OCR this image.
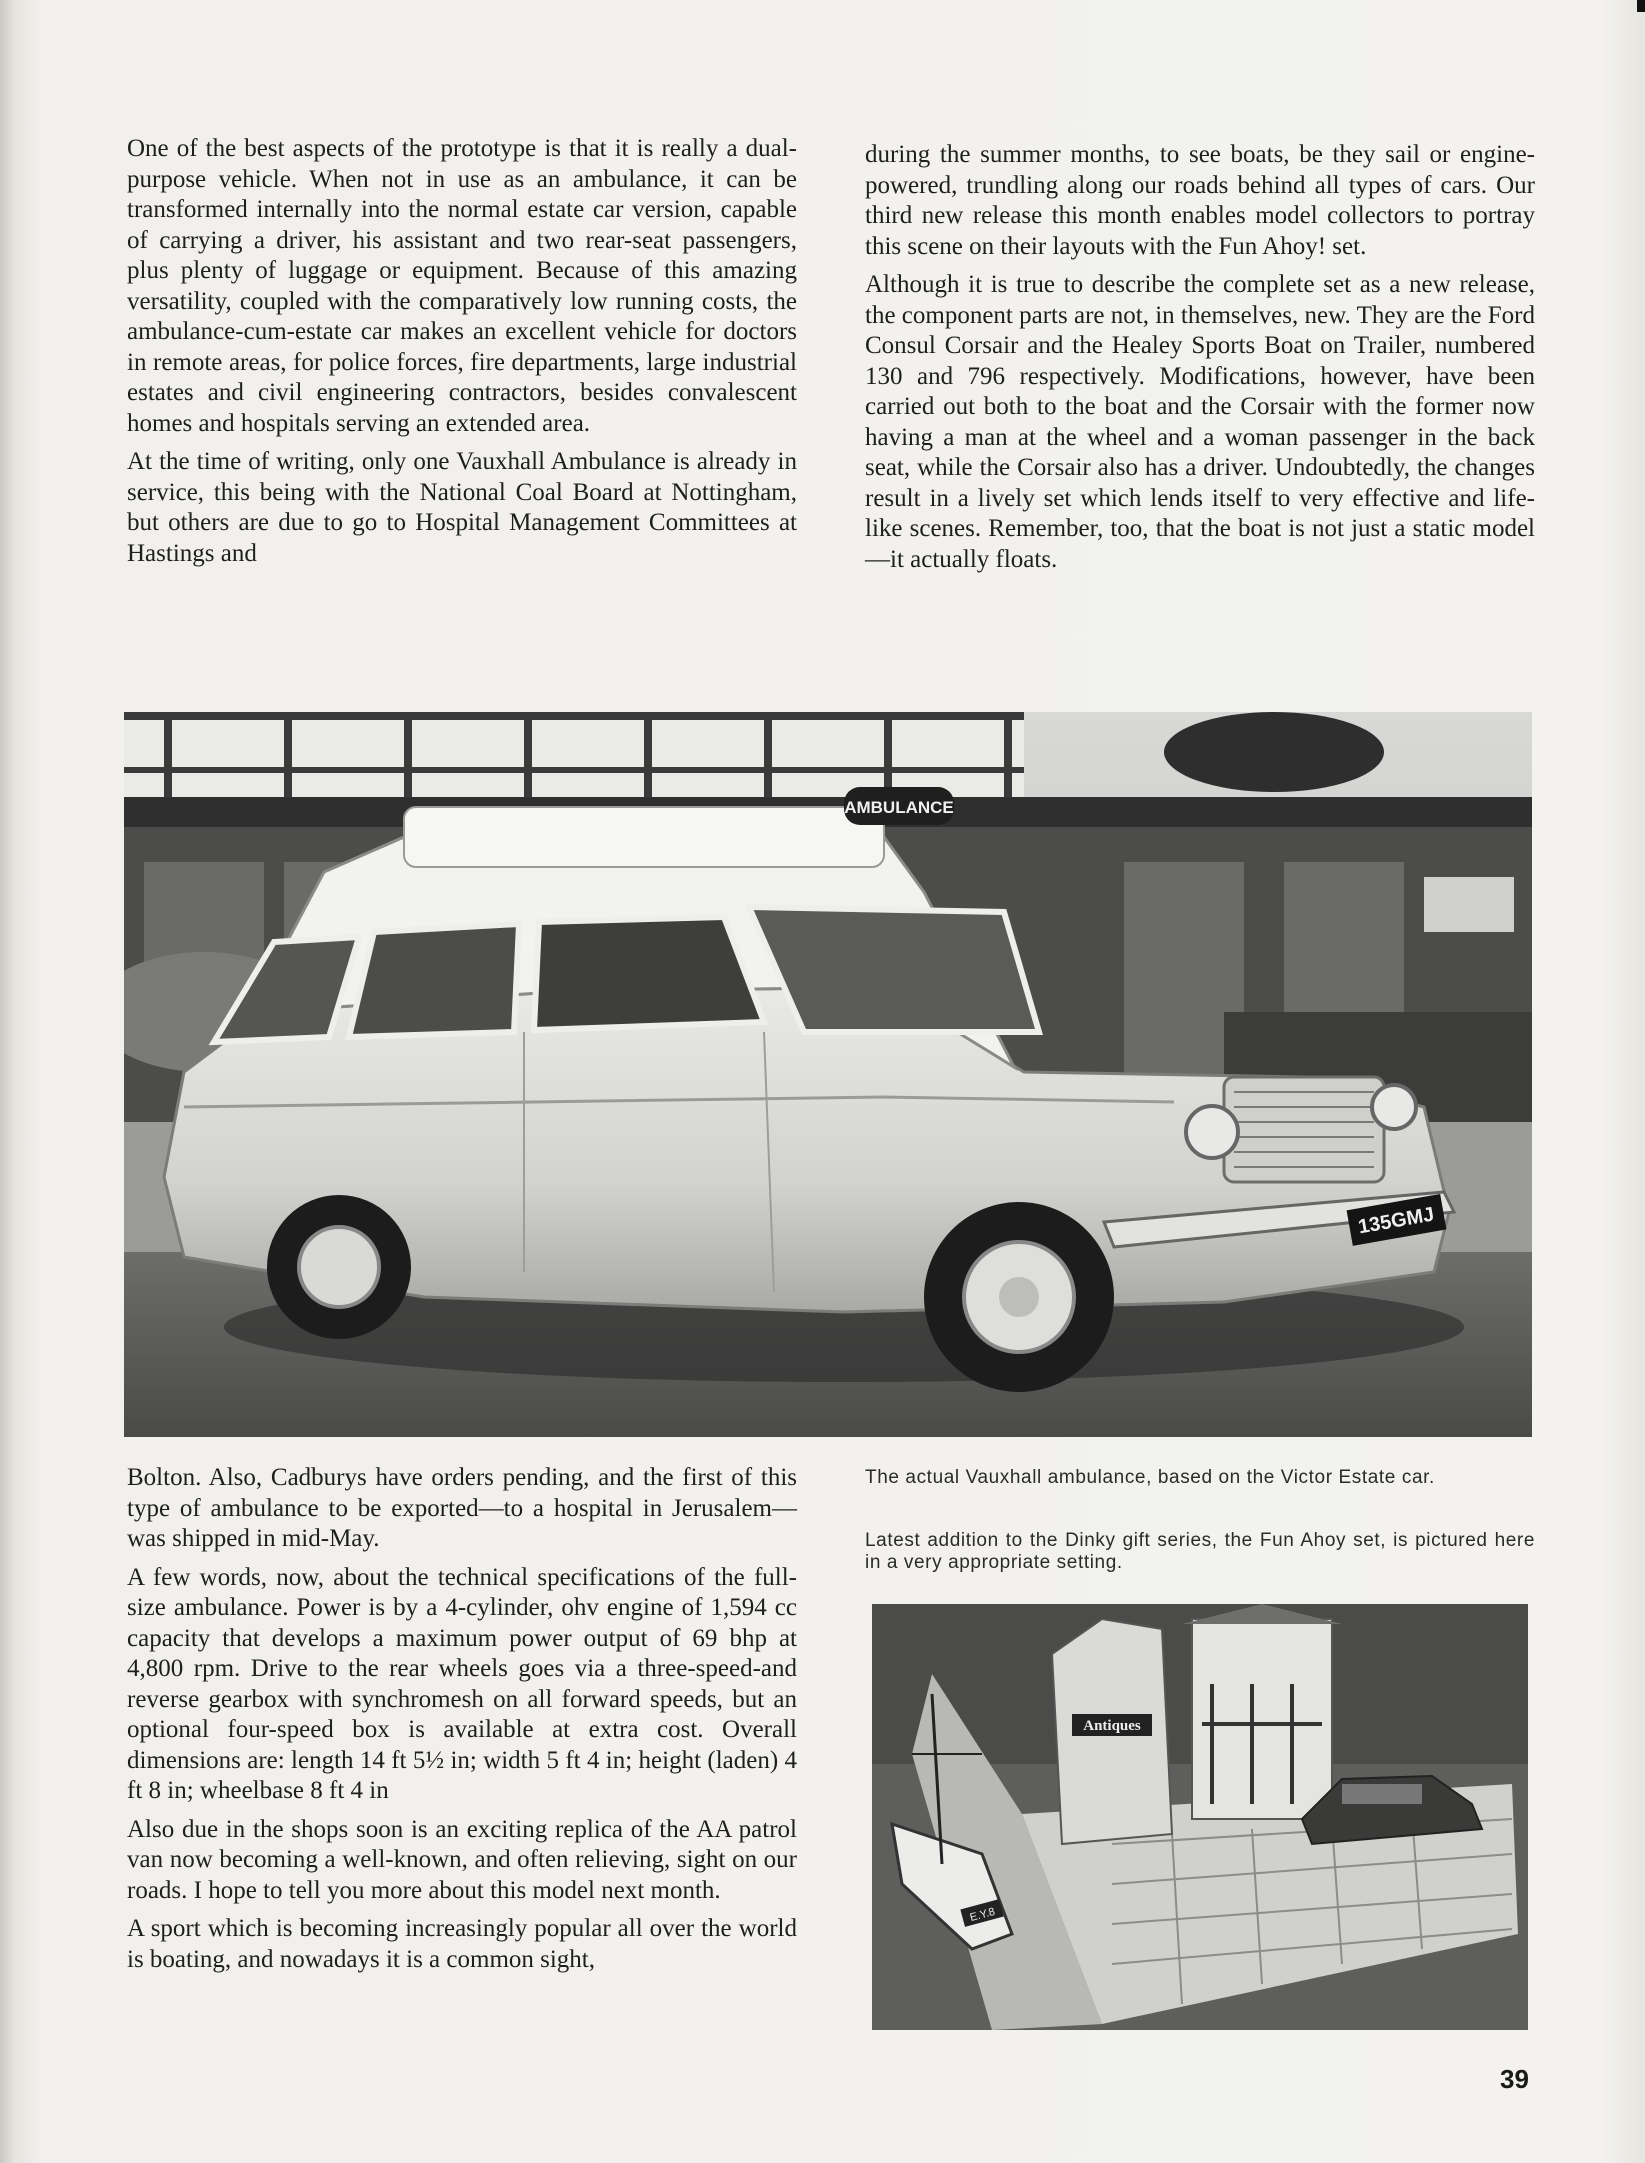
One of the best aspects of the prototype is that it is really a dual-purpose vehicle. When not in use as an ambulance, it can be transformed internally into the normal estate car version, capable of carrying a driver, his assistant and two rear-seat passengers, plus plenty of luggage or equipment. Because of this amazing versatility, coupled with the comparatively low running costs, the ambulance-cum-estate car makes an excellent vehicle for doctors in remote areas, for police forces, fire departments, large industrial estates and civil engineering contractors, besides convalescent homes and hospitals serving an extended area.

At the time of writing, only one Vauxhall Ambulance is already in service, this being with the National Coal Board at Nottingham, but others are due to go to Hospital Management Committees at Hastings and

during the summer months, to see boats, be they sail or engine-powered, trundling along our roads behind all types of cars. Our third new release this month enables model collectors to portray this scene on their layouts with the Fun Ahoy! set.

Although it is true to describe the complete set as a new release, the component parts are not, in themselves, new. They are the Ford Consul Corsair and the Healey Sports Boat on Trailer, numbered 130 and 796 respectively. Modifications, however, have been carried out both to the boat and the Corsair with the former now having a man at the wheel and a woman passenger in the back seat, while the Corsair also has a driver. Undoubtedly, the changes result in a lively set which lends itself to very effective and life-like scenes. Remember, too, that the boat is not just a static model—it actually floats.

AMBULANCE
135GMJ

Bolton. Also, Cadburys have orders pending, and the first of this type of ambulance to be exported—to a hospital in Jerusalem—was shipped in mid-May.

A few words, now, about the technical specifications of the full-size ambulance. Power is by a 4-cylinder, ohv engine of 1,594 cc capacity that develops a maximum power output of 69 bhp at 4,800 rpm. Drive to the rear wheels goes via a three-speed-and reverse gearbox with synchromesh on all forward speeds, but an optional four-speed box is available at extra cost. Overall dimensions are: length 14 ft 5½ in; width 5 ft 4 in; height (laden) 4 ft 8 in; wheelbase 8 ft 4 in

Also due in the shops soon is an exciting replica of the AA patrol van now becoming a well-known, and often relieving, sight on our roads. I hope to tell you more about this model next month.

A sport which is becoming increasingly popular all over the world is boating, and nowadays it is a common sight,

The actual Vauxhall ambulance, based on the Victor Estate car.
Latest addition to the Dinky gift series, the Fun Ahoy set, is pictured here in a very appropriate setting.
Antiques
E.Y.8
39
